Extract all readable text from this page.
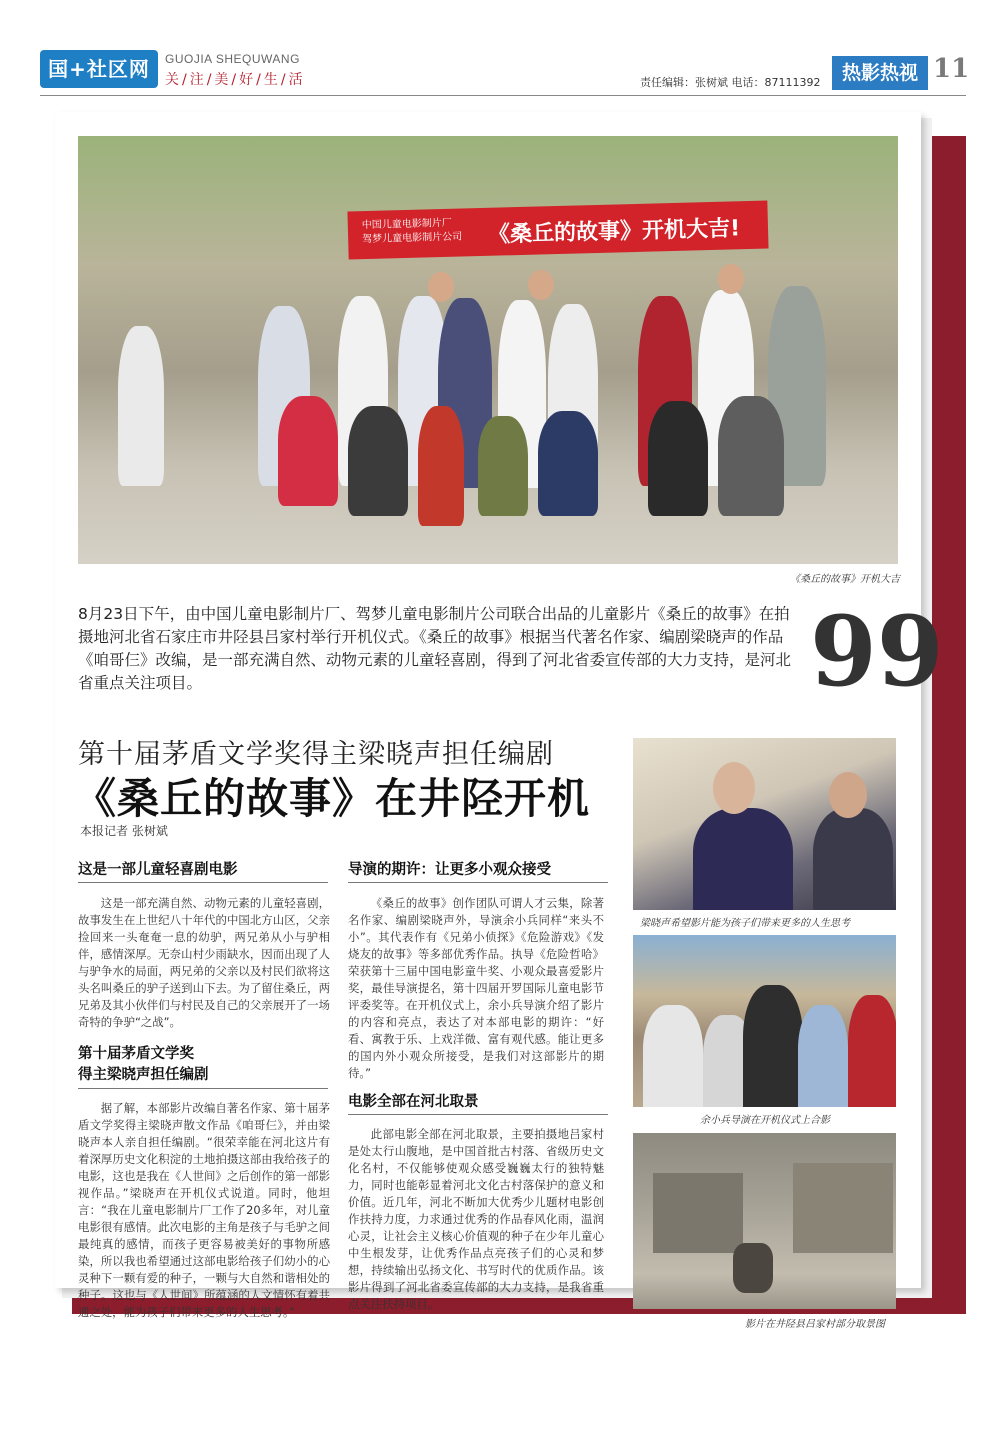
国+社区网	GUOJIA SHEQUWANG
关/注/美/好/生/活	责任编辑：张树斌 电话：87111392	热影热视 11
中国儿童电影制片厂
驾梦儿童电影制片公司 《桑丘的故事》开机大吉!
《桑丘的故事》开机大吉
8月23日下午，由中国儿童电影制片厂、驾梦儿童电影制片公司联合出品的儿童影片《桑丘的故事》在拍摄地河北省石家庄市井陉县吕家村举行开机仪式。《桑丘的故事》根据当代著名作家、编剧梁晓声的作品《咱哥仨》改编，是一部充满自然、动物元素的儿童轻喜剧，得到了河北省委宣传部的大力支持，是河北省重点关注项目。	99
第十届茅盾文学奖得主梁晓声担任编剧
《桑丘的故事》在井陉开机
本报记者 张树斌
这是一部儿童轻喜剧电影
这是一部充满自然、动物元素的儿童轻喜剧，故事发生在上世纪八十年代的中国北方山区，父亲捡回来一头奄奄一息的幼驴，两兄弟从小与驴相伴，感情深厚。无奈山村少雨缺水，因而出现了人与驴争水的局面，两兄弟的父亲以及村民们欲将这头名叫桑丘的驴子送到山下去。为了留住桑丘，两兄弟及其小伙伴们与村民及自己的父亲展开了一场奇特的争驴“之战”。
第十届茅盾文学奖
得主梁晓声担任编剧
据了解，本部影片改编自著名作家、第十届茅盾文学奖得主梁晓声散文作品《咱哥仨》，并由梁晓声本人亲自担任编剧。“很荣幸能在河北这片有着深厚历史文化积淀的土地拍摄这部由我给孩子的电影，这也是我在《人世间》之后创作的第一部影视作品。”梁晓声在开机仪式说道。同时，他坦言：“我在儿童电影制片厂工作了20多年，对儿童电影很有感情。此次电影的主角是孩子与毛驴之间最纯真的感情，而孩子更容易被美好的事物所感染，所以我也希望通过这部电影给孩子们幼小的心灵种下一颗有爱的种子，一颗与大自然和谐相处的种子。这也与《人世间》所蕴涵的人文情怀有着共通之处，能为孩子们带来更多的人生思考。”
导演的期许：让更多小观众接受
《桑丘的故事》创作团队可谓人才云集，除著名作家、编剧梁晓声外，导演余小兵同样“来头不小”。其代表作有《兄弟小侦探》《危险游戏》《发烧友的故事》等多部优秀作品。执导《危险哲哈》荣获第十三届中国电影童牛奖、小观众最喜爱影片奖，最佳导演提名，第十四届开罗国际儿童电影节评委奖等。在开机仪式上，余小兵导演介绍了影片的内容和亮点，表达了对本部电影的期许：“好看、寓教于乐、上戏洋微、富有观代感。能让更多的国内外小观众所接受，是我们对这部影片的期待。”
电影全部在河北取景
此部电影全部在河北取景，主要拍摄地吕家村是处太行山腹地，是中国首批古村落、省级历史文化名村，不仅能够使观众感受巍巍太行的独特魅力，同时也能彰显着河北文化古村落保护的意义和价值。近几年，河北不断加大优秀少儿题材电影创作扶持力度，力求通过优秀的作品春风化雨，温润心灵，让社会主义核心价值观的种子在少年儿童心中生根发芽，让优秀作品点亮孩子们的心灵和梦想，持续输出弘扬文化、书写时代的优质作品。该影片得到了河北省委宣传部的大力支持，是我省重点关注扶持项目。
梁晓声希望影片能为孩子们带来更多的人生思考
余小兵导演在开机仪式上合影
影片在井陉县吕家村部分取景图
